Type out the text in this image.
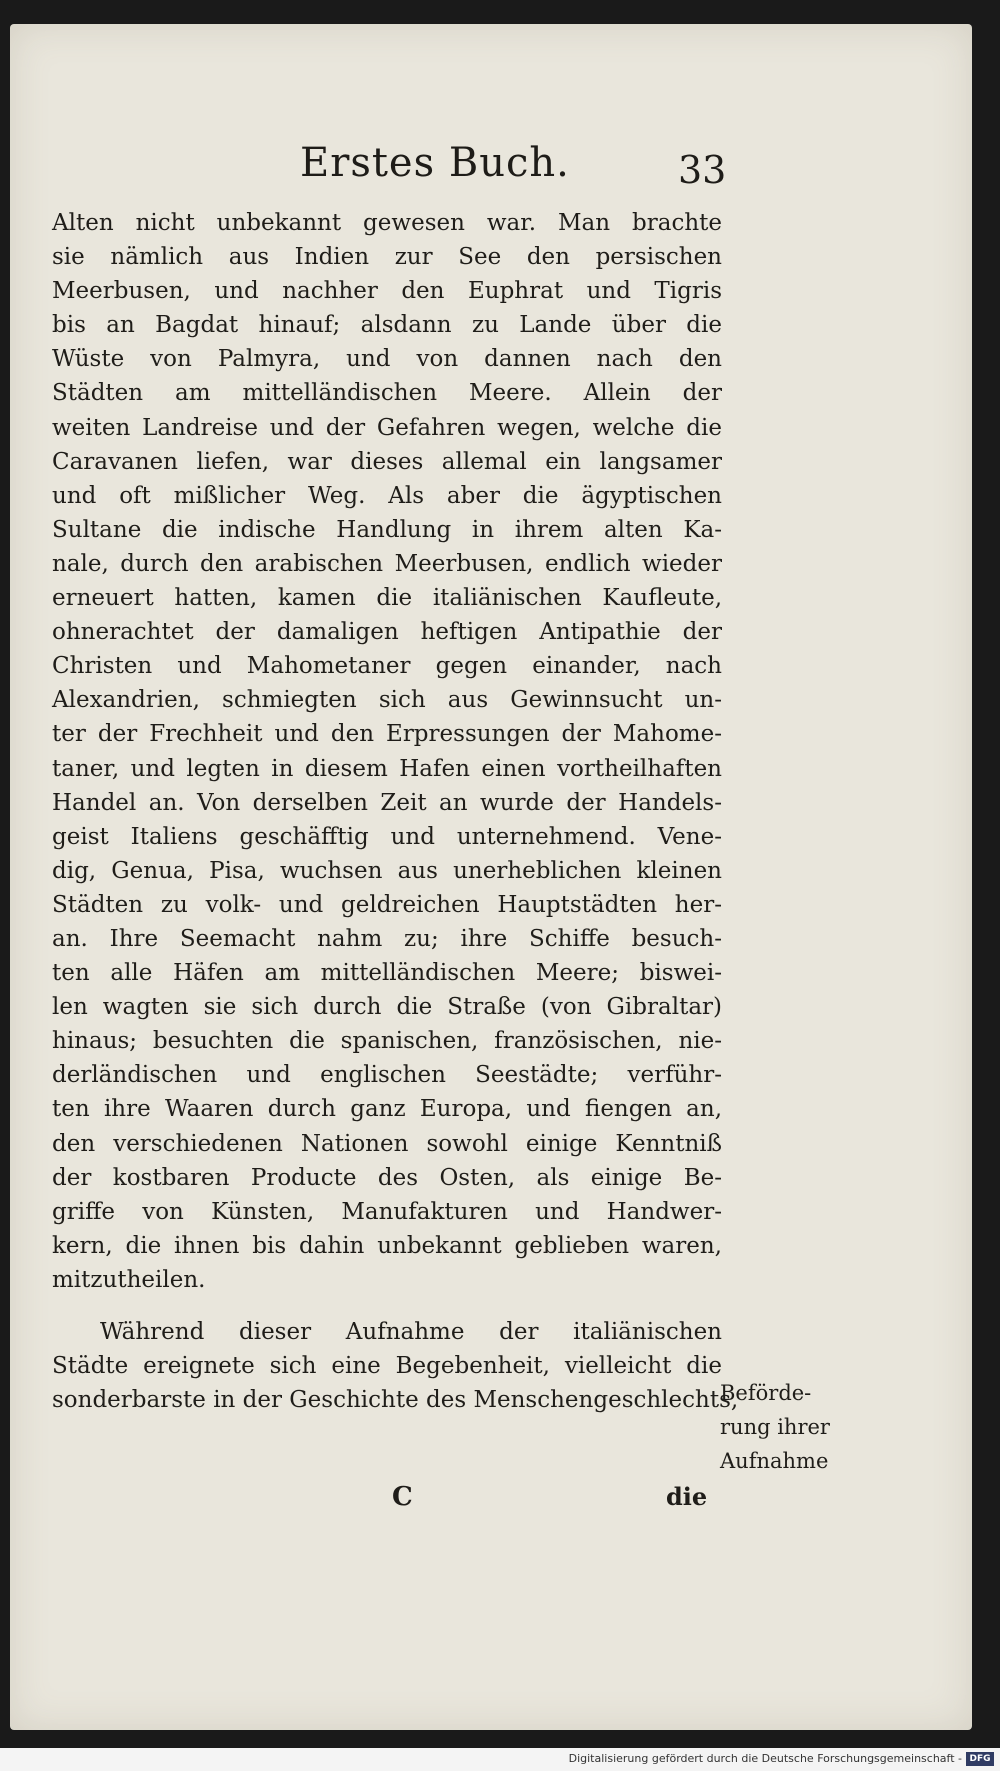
Erstes Buch.	33
Alten nicht unbekannt gewesen war. Man brachte
sie nämlich aus Indien zur See den persischen
Meerbusen, und nachher den Euphrat und Tigris
bis an Bagdat hinauf; alsdann zu Lande über die
Wüste von Palmyra, und von dannen nach den
Städten am mittelländischen Meere. Allein der
weiten Landreise und der Gefahren wegen, welche die
Caravanen liefen, war dieses allemal ein langsamer
und oft mißlicher Weg. Als aber die ägyptischen
Sultane die indische Handlung in ihrem alten Ka-
nale, durch den arabischen Meerbusen, endlich wieder
erneuert hatten, kamen die italiänischen Kaufleute,
ohnerachtet der damaligen heftigen Antipathie der
Christen und Mahometaner gegen einander, nach
Alexandrien, schmiegten sich aus Gewinnsucht un-
ter der Frechheit und den Erpressungen der Mahome-
taner, und legten in diesem Hafen einen vortheilhaften
Handel an. Von derselben Zeit an wurde der Handels-
geist Italiens geschäfftig und unternehmend. Vene-
dig, Genua, Pisa, wuchsen aus unerheblichen kleinen
Städten zu volk- und geldreichen Hauptstädten her-
an. Ihre Seemacht nahm zu; ihre Schiffe besuch-
ten alle Häfen am mittelländischen Meere; biswei-
len wagten sie sich durch die Straße (von Gibraltar)
hinaus; besuchten die spanischen, französischen, nie-
derländischen und englischen Seestädte; verführ-
ten ihre Waaren durch ganz Europa, und fiengen an,
den verschiedenen Nationen sowohl einige Kenntniß
der kostbaren Producte des Osten, als einige Be-
griffe von Künsten, Manufakturen und Handwer-
kern, die ihnen bis dahin unbekannt geblieben waren,
mitzutheilen.
Während dieser Aufnahme der italiänischen
Städte ereignete sich eine Begebenheit, vielleicht die
sonderbarste in der Geschichte des Menschengeschlechts,
Beförde-
rung ihrer
Aufnahme
C	die
Digitalisierung gefördert durch die Deutsche Forschungsgemeinschaft - DFG
